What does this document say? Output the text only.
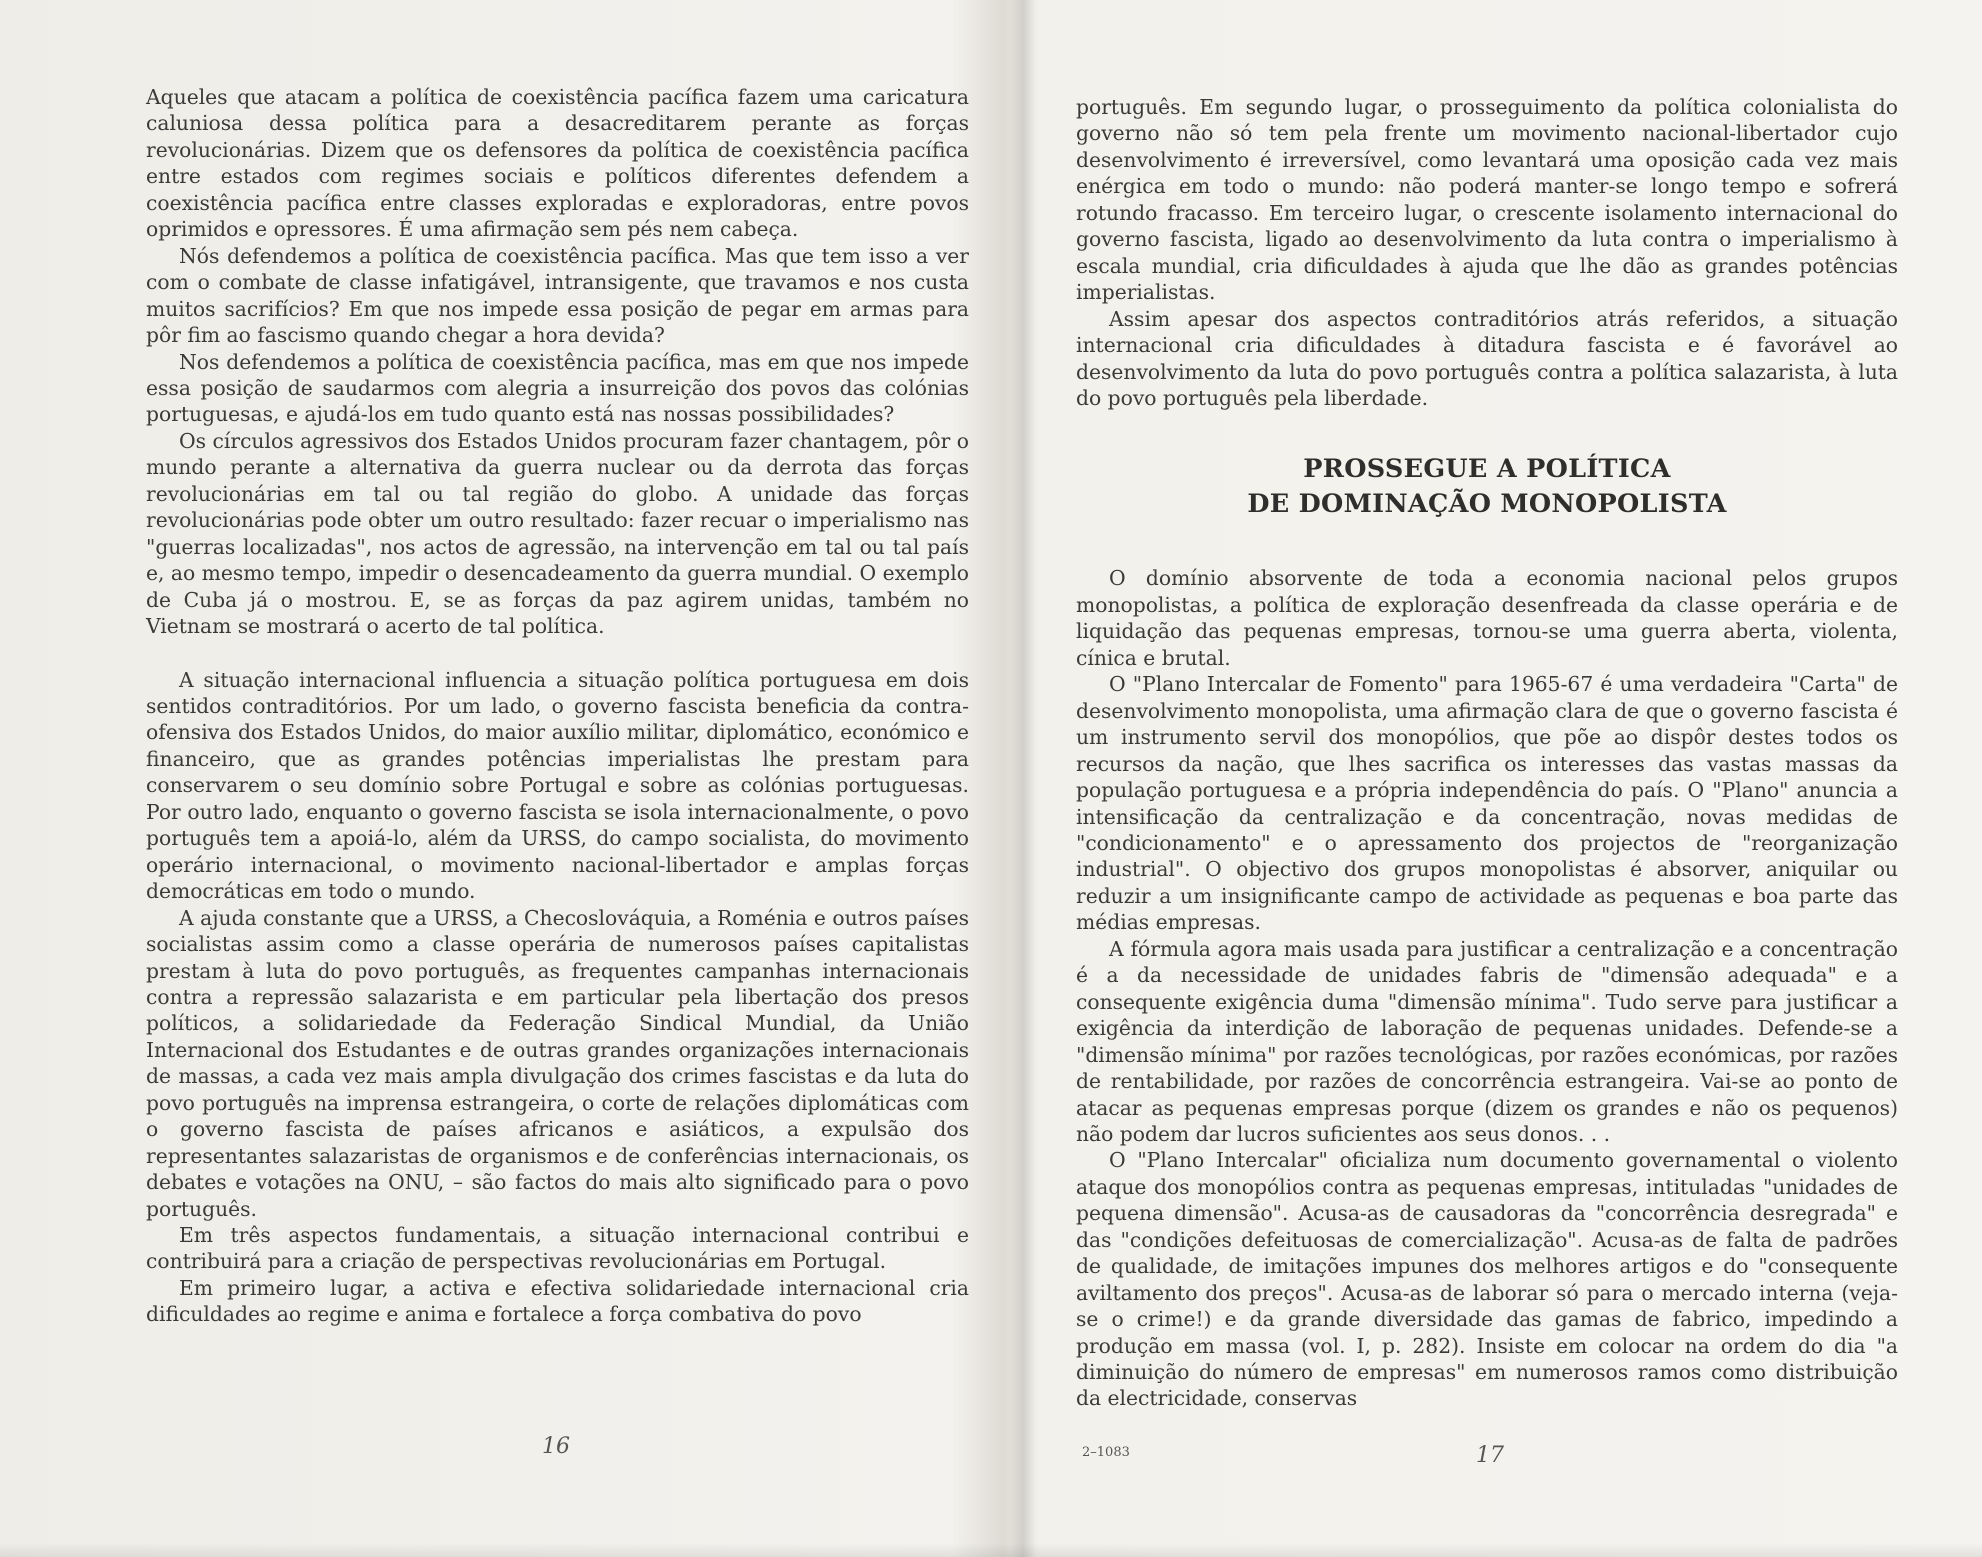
Aqueles que atacam a política de coexistência pacífica fazem uma caricatura caluniosa dessa política para a desacreditarem perante as forças revolucionárias. Dizem que os defensores da política de coexistência pacífica entre estados com regimes sociais e políticos diferentes defendem a coexistência pacífica entre classes exploradas e exploradoras, entre povos oprimidos e opressores. É uma afirmação sem pés nem cabeça.

Nós defendemos a política de coexistência pacífica. Mas que tem isso a ver com o combate de classe infatigável, intransigente, que travamos e nos custa muitos sacrifícios? Em que nos impede essa posição de pegar em armas para pôr fim ao fascismo quando chegar a hora devida?

Nos defendemos a política de coexistência pacífica, mas em que nos impede essa posição de saudarmos com alegria a insurreição dos povos das colónias portuguesas, e ajudá-los em tudo quanto está nas nossas possibilidades?

Os círculos agressivos dos Estados Unidos procuram fazer chantagem, pôr o mundo perante a alternativa da guerra nuclear ou da derrota das forças revolucionárias em tal ou tal região do globo. A unidade das forças revolucionárias pode obter um outro resultado: fazer recuar o imperialismo nas "guerras localizadas", nos actos de agressão, na intervenção em tal ou tal país e, ao mesmo tempo, impedir o desencadeamento da guerra mundial. O exemplo de Cuba já o mostrou. E, se as forças da paz agirem unidas, também no Vietnam se mostrará o acerto de tal política.

A situação internacional influencia a situação política portuguesa em dois sentidos contraditórios. Por um lado, o governo fascista beneficia da contra-ofensiva dos Estados Unidos, do maior auxílio militar, diplomático, económico e financeiro, que as grandes potências imperialistas lhe prestam para conservarem o seu domínio sobre Portugal e sobre as colónias portuguesas. Por outro lado, enquanto o governo fascista se isola internacionalmente, o povo português tem a apoiá-lo, além da URSS, do campo socialista, do movimento operário internacional, o movimento nacional-libertador e amplas forças democráticas em todo o mundo.

A ajuda constante que a URSS, a Checoslováquia, a Roménia e outros países socialistas assim como a classe operária de numerosos países capitalistas prestam à luta do povo português, as frequentes campanhas internacionais contra a repressão salazarista e em particular pela libertação dos presos políticos, a solidariedade da Federação Sindical Mundial, da União Internacional dos Estudantes e de outras grandes organizações internacionais de massas, a cada vez mais ampla divulgação dos crimes fascistas e da luta do povo português na imprensa estrangeira, o corte de relações diplomáticas com o governo fascista de países africanos e asiáticos, a expulsão dos representantes salazaristas de organismos e de conferências internacionais, os debates e votações na ONU, – são factos do mais alto significado para o povo português.

Em três aspectos fundamentais, a situação internacional contribui e contribuirá para a criação de perspectivas revolucionárias em Portugal.

Em primeiro lugar, a activa e efectiva solidariedade internacional cria dificuldades ao regime e anima e fortalece a força combativa do povo

16

português. Em segundo lugar, o prosseguimento da política colonialista do governo não só tem pela frente um movimento nacional-libertador cujo desenvolvimento é irreversível, como levantará uma oposição cada vez mais enérgica em todo o mundo: não poderá manter-se longo tempo e sofrerá rotundo fracasso. Em terceiro lugar, o crescente isolamento internacional do governo fascista, ligado ao desenvolvimento da luta contra o imperialismo à escala mundial, cria dificuldades à ajuda que lhe dão as grandes potências imperialistas.

Assim apesar dos aspectos contraditórios atrás referidos, a situação internacional cria dificuldades à ditadura fascista e é favorável ao desenvolvimento da luta do povo português contra a política salazarista, à luta do povo português pela liberdade.

PROSSEGUE A POLÍTICA
DE DOMINAÇÃO MONOPOLISTA

O domínio absorvente de toda a economia nacional pelos grupos monopolistas, a política de exploração desenfreada da classe operária e de liquidação das pequenas empresas, tornou-se uma guerra aberta, violenta, cínica e brutal.

O "Plano Intercalar de Fomento" para 1965-67 é uma verdadeira "Carta" de desenvolvimento monopolista, uma afirmação clara de que o governo fascista é um instrumento servil dos monopólios, que põe ao dispôr destes todos os recursos da nação, que lhes sacrifica os interesses das vastas massas da população portuguesa e a própria independência do país. O "Plano" anuncia a intensificação da centralização e da concentração, novas medidas de "condicionamento" e o apressamento dos projectos de "reorganização industrial". O objectivo dos grupos monopolistas é absorver, aniquilar ou reduzir a um insignificante campo de actividade as pequenas e boa parte das médias empresas.

A fórmula agora mais usada para justificar a centralização e a concentração é a da necessidade de unidades fabris de "dimensão adequada" e a consequente exigência duma "dimensão mínima". Tudo serve para justificar a exigência da interdição de laboração de pequenas unidades. Defende-se a "dimensão mínima" por razões tecnológicas, por razões económicas, por razões de rentabilidade, por razões de concorrência estrangeira. Vai-se ao ponto de atacar as pequenas empresas porque (dizem os grandes e não os pequenos) não podem dar lucros suficientes aos seus donos. . .

O "Plano Intercalar" oficializa num documento governamental o violento ataque dos monopólios contra as pequenas empresas, intituladas "unidades de pequena dimensão". Acusa-as de causadoras da "concorrência desregrada" e das "condições defeituosas de comercialização". Acusa-as de falta de padrões de qualidade, de imitações impunes dos melhores artigos e do "consequente aviltamento dos preços". Acusa-as de laborar só para o mercado interna (veja-se o crime!) e da grande diversidade das gamas de fabrico, impedindo a produção em massa (vol. I, p. 282). Insiste em colocar na ordem do dia "a diminuição do número de empresas" em numerosos ramos como distribuição da electricidade, conservas

2–1083	17
